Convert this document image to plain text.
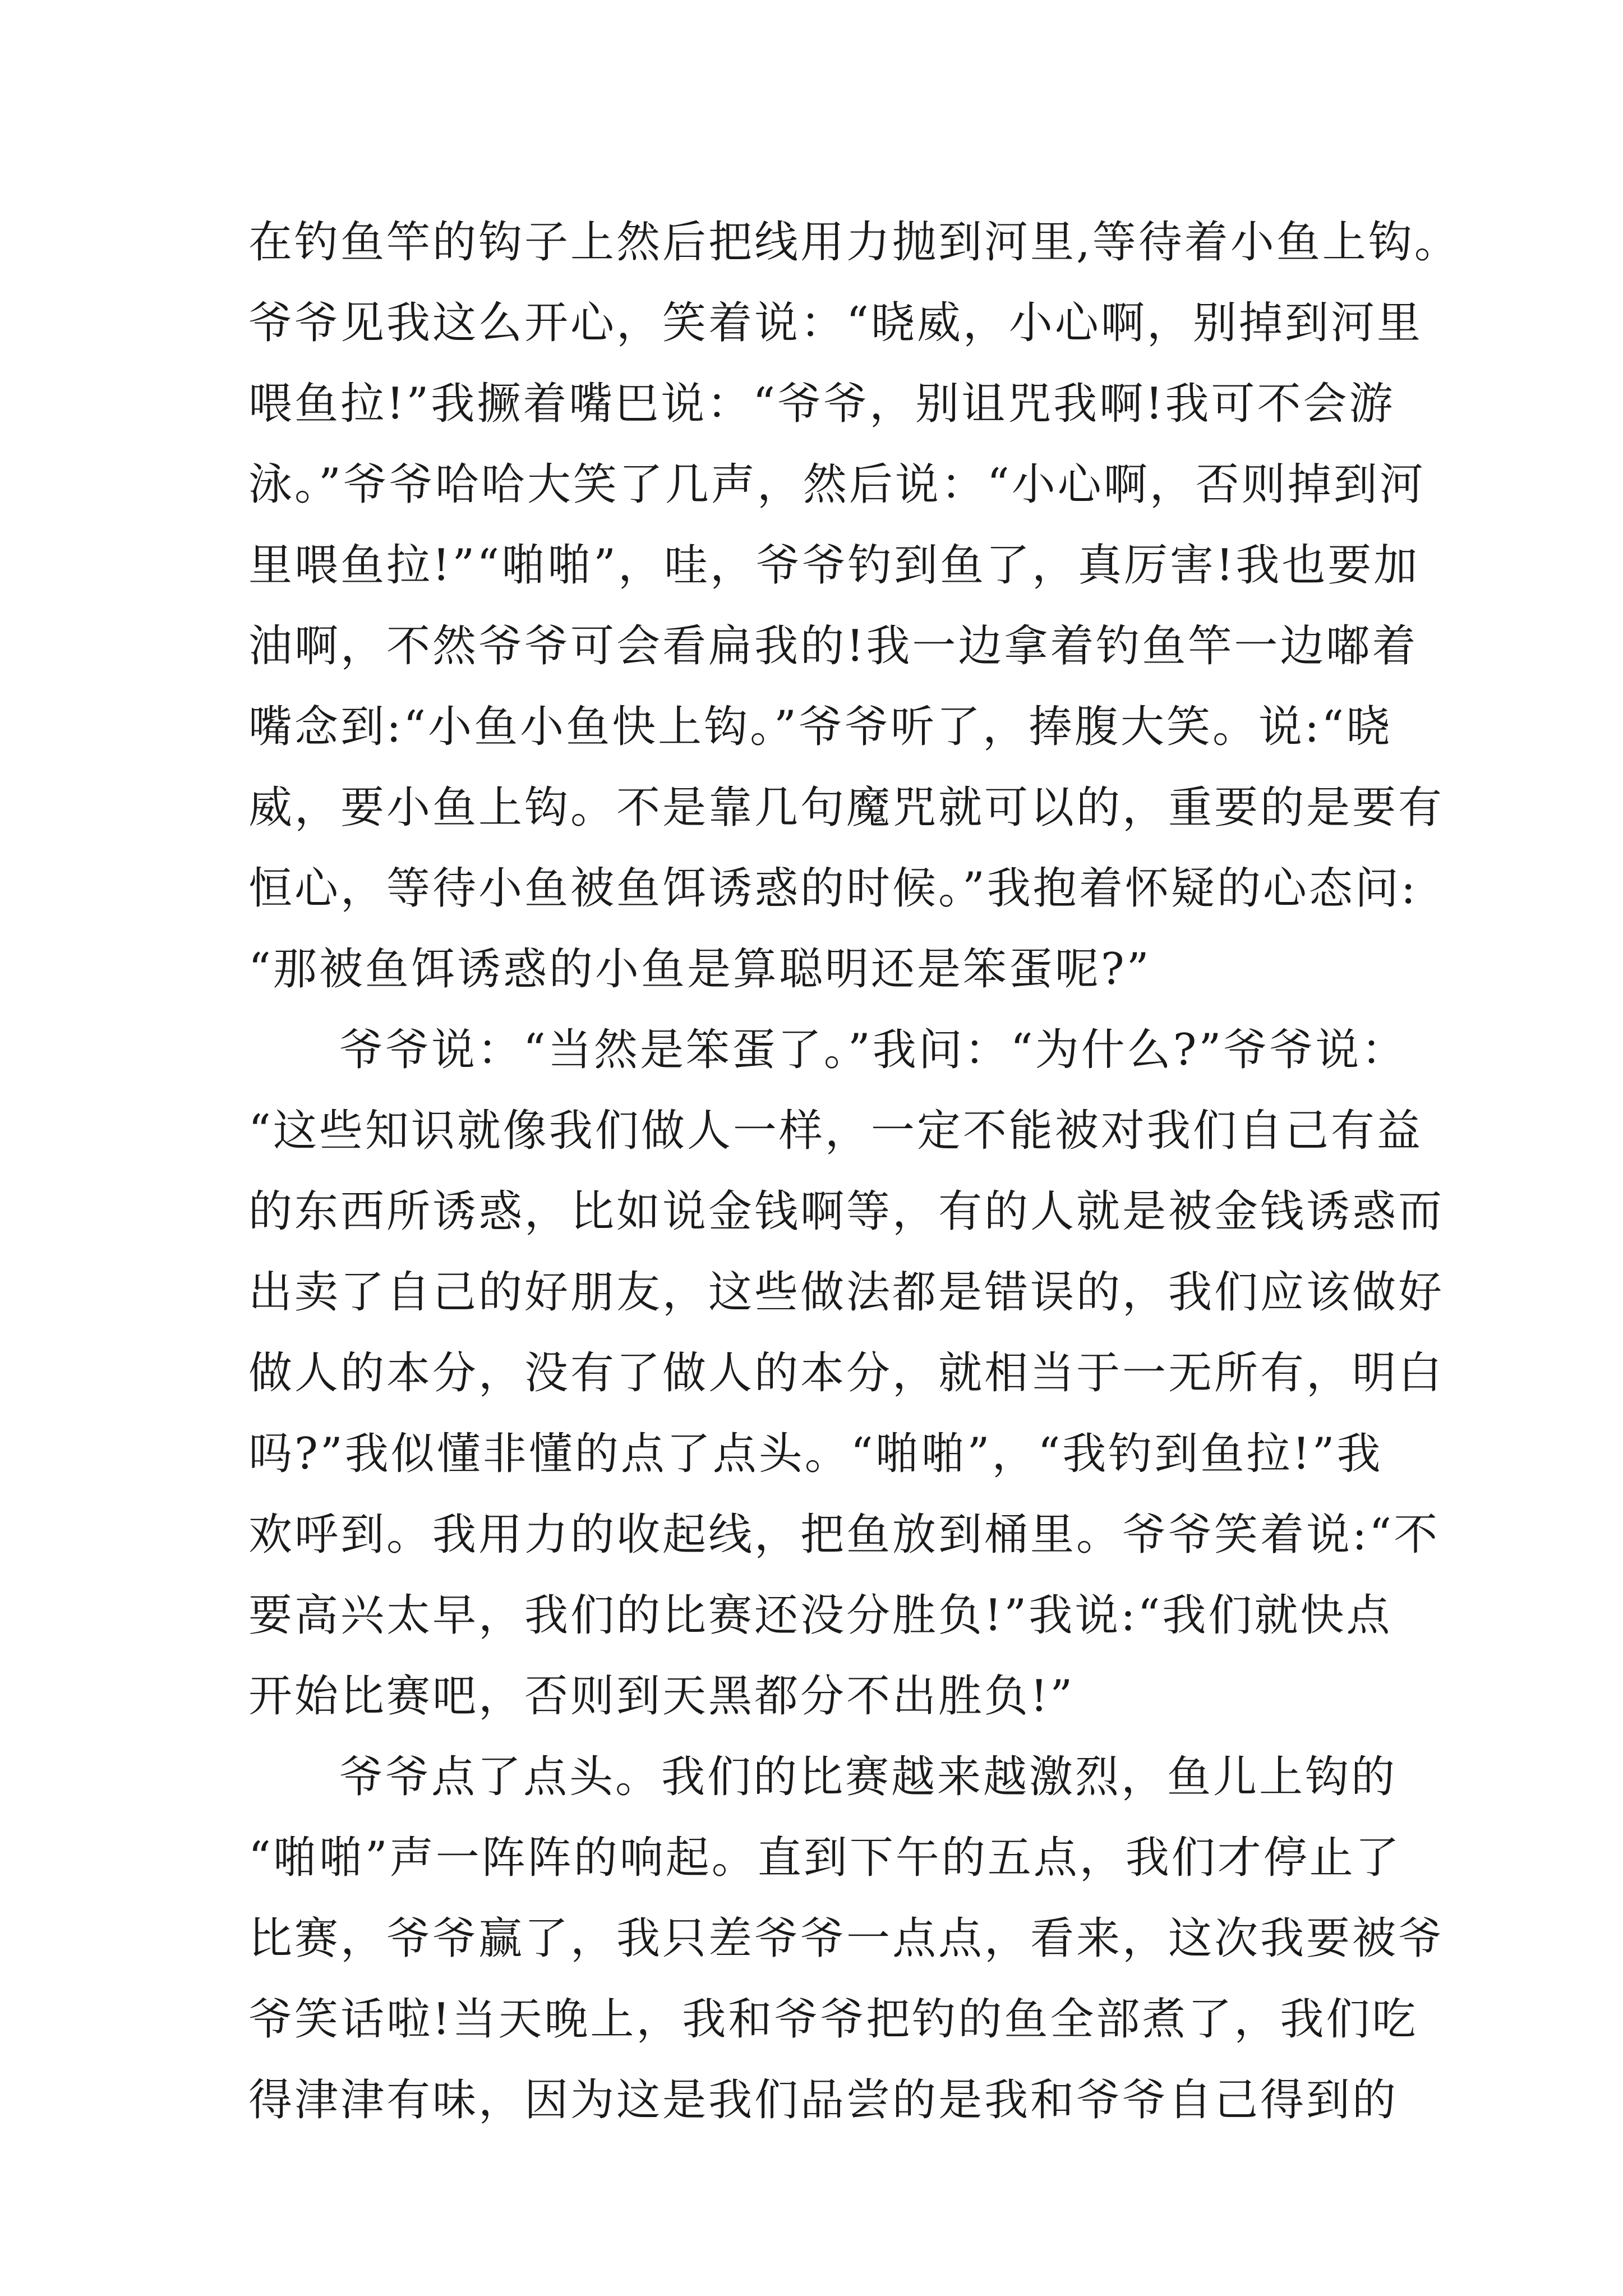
在钓鱼竿的钩子上然后把线用力抛到河里,等待着小鱼上钩。
爷爷见我这么开心，笑着说：“晓威，小心啊，别掉到河里
喂鱼拉!”我撅着嘴巴说：“爷爷，别诅咒我啊!我可不会游
泳。”爷爷哈哈大笑了几声，然后说：“小心啊，否则掉到河
里喂鱼拉!”“啪啪”，哇，爷爷钓到鱼了，真厉害!我也要加
油啊，不然爷爷可会看扁我的!我一边拿着钓鱼竿一边嘟着
嘴念到:“小鱼小鱼快上钩。”爷爷听了，捧腹大笑。说:“晓
威，要小鱼上钩。不是靠几句魔咒就可以的，重要的是要有
恒心，等待小鱼被鱼饵诱惑的时候。”我抱着怀疑的心态问:
“那被鱼饵诱惑的小鱼是算聪明还是笨蛋呢?”
爷爷说：“当然是笨蛋了。”我问：“为什么?”爷爷说：
“这些知识就像我们做人一样，一定不能被对我们自己有益
的东西所诱惑，比如说金钱啊等，有的人就是被金钱诱惑而
出卖了自己的好朋友，这些做法都是错误的，我们应该做好
做人的本分，没有了做人的本分，就相当于一无所有，明白
吗?”我似懂非懂的点了点头。“啪啪”，“我钓到鱼拉!”我
欢呼到。我用力的收起线，把鱼放到桶里。爷爷笑着说:“不
要高兴太早，我们的比赛还没分胜负!”我说:“我们就快点
开始比赛吧，否则到天黑都分不出胜负!”
爷爷点了点头。我们的比赛越来越激烈，鱼儿上钩的
“啪啪”声一阵阵的响起。直到下午的五点，我们才停止了
比赛，爷爷赢了，我只差爷爷一点点，看来，这次我要被爷
爷笑话啦!当天晚上，我和爷爷把钓的鱼全部煮了，我们吃
得津津有味，因为这是我们品尝的是我和爷爷自己得到的
